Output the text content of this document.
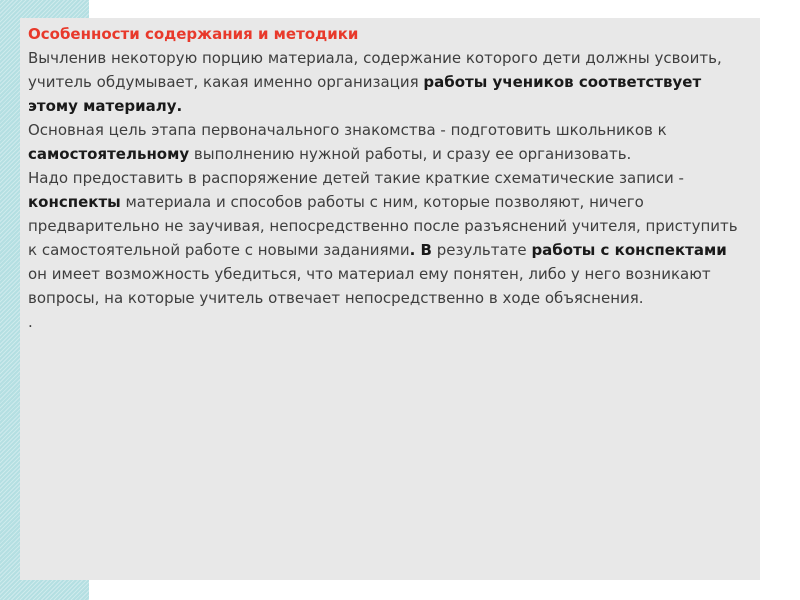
Особенности содержания и методики

Вычленив некоторую порцию материала, содержание которого дети должны усвоить, учитель обдумывает, какая именно организация работы учеников соответствует этому материалу.

Основная цель этапа первоначального знакомства - подготовить школьников к самостоятельному выполнению нужной работы, и сразу ее организовать.

Надо предоставить в распоряжение детей такие краткие схематические записи - конспекты материала и способов работы с ним, которые позволяют, ничего предварительно не заучивая, непосредственно после разъяснений учителя, приступить к самостоятельной работе с новыми заданиями. В результате работы с конспектами он имеет возможность убедиться, что материал ему понятен, либо у него возникают вопросы, на которые учитель отвечает непосредственно в ходе объяснения.

.
